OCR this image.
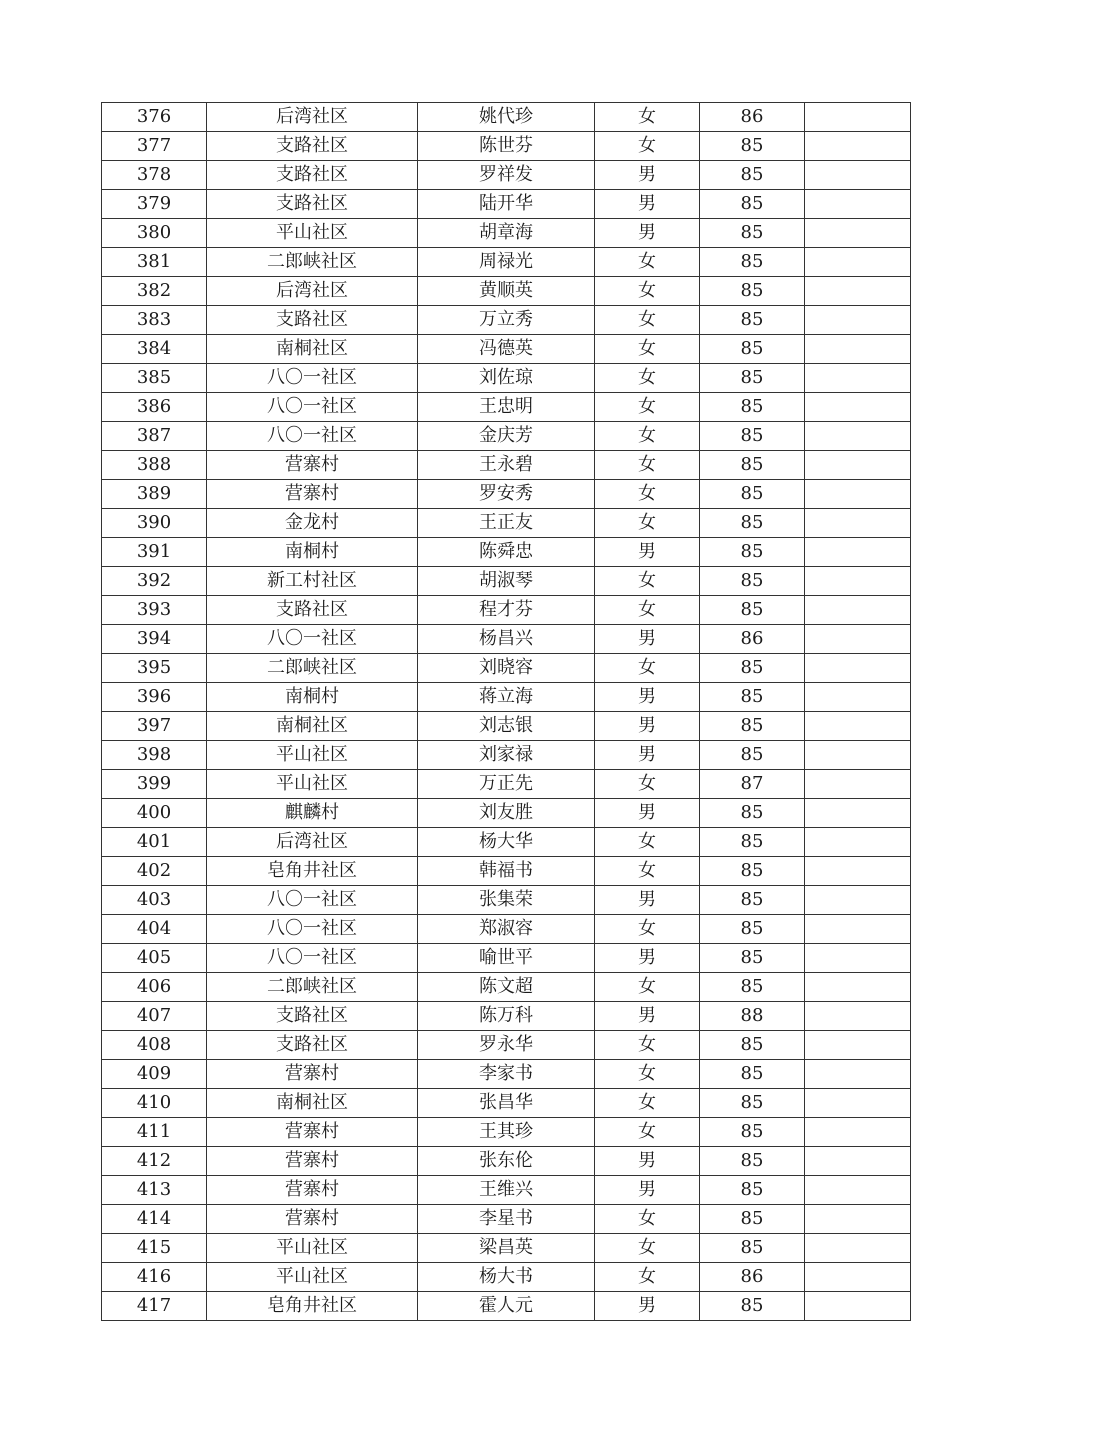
376	后湾社区	姚代珍	女	86	
377	支路社区	陈世芬	女	85	
378	支路社区	罗祥发	男	85	
379	支路社区	陆开华	男	85	
380	平山社区	胡章海	男	85	
381	二郎峡社区	周禄光	女	85	
382	后湾社区	黄顺英	女	85	
383	支路社区	万立秀	女	85	
384	南桐社区	冯德英	女	85	
385	八〇一社区	刘佐琼	女	85	
386	八〇一社区	王忠明	女	85	
387	八〇一社区	金庆芳	女	85	
388	营寨村	王永碧	女	85	
389	营寨村	罗安秀	女	85	
390	金龙村	王正友	女	85	
391	南桐村	陈舜忠	男	85	
392	新工村社区	胡淑琴	女	85	
393	支路社区	程才芬	女	85	
394	八〇一社区	杨昌兴	男	86	
395	二郎峡社区	刘晓容	女	85	
396	南桐村	蒋立海	男	85	
397	南桐社区	刘志银	男	85	
398	平山社区	刘家禄	男	85	
399	平山社区	万正先	女	87	
400	麒麟村	刘友胜	男	85	
401	后湾社区	杨大华	女	85	
402	皂角井社区	韩福书	女	85	
403	八〇一社区	张集荣	男	85	
404	八〇一社区	郑淑容	女	85	
405	八〇一社区	喻世平	男	85	
406	二郎峡社区	陈文超	女	85	
407	支路社区	陈万科	男	88	
408	支路社区	罗永华	女	85	
409	营寨村	李家书	女	85	
410	南桐社区	张昌华	女	85	
411	营寨村	王其珍	女	85	
412	营寨村	张东伦	男	85	
413	营寨村	王维兴	男	85	
414	营寨村	李星书	女	85	
415	平山社区	梁昌英	女	85	
416	平山社区	杨大书	女	86	
417	皂角井社区	霍人元	男	85	
